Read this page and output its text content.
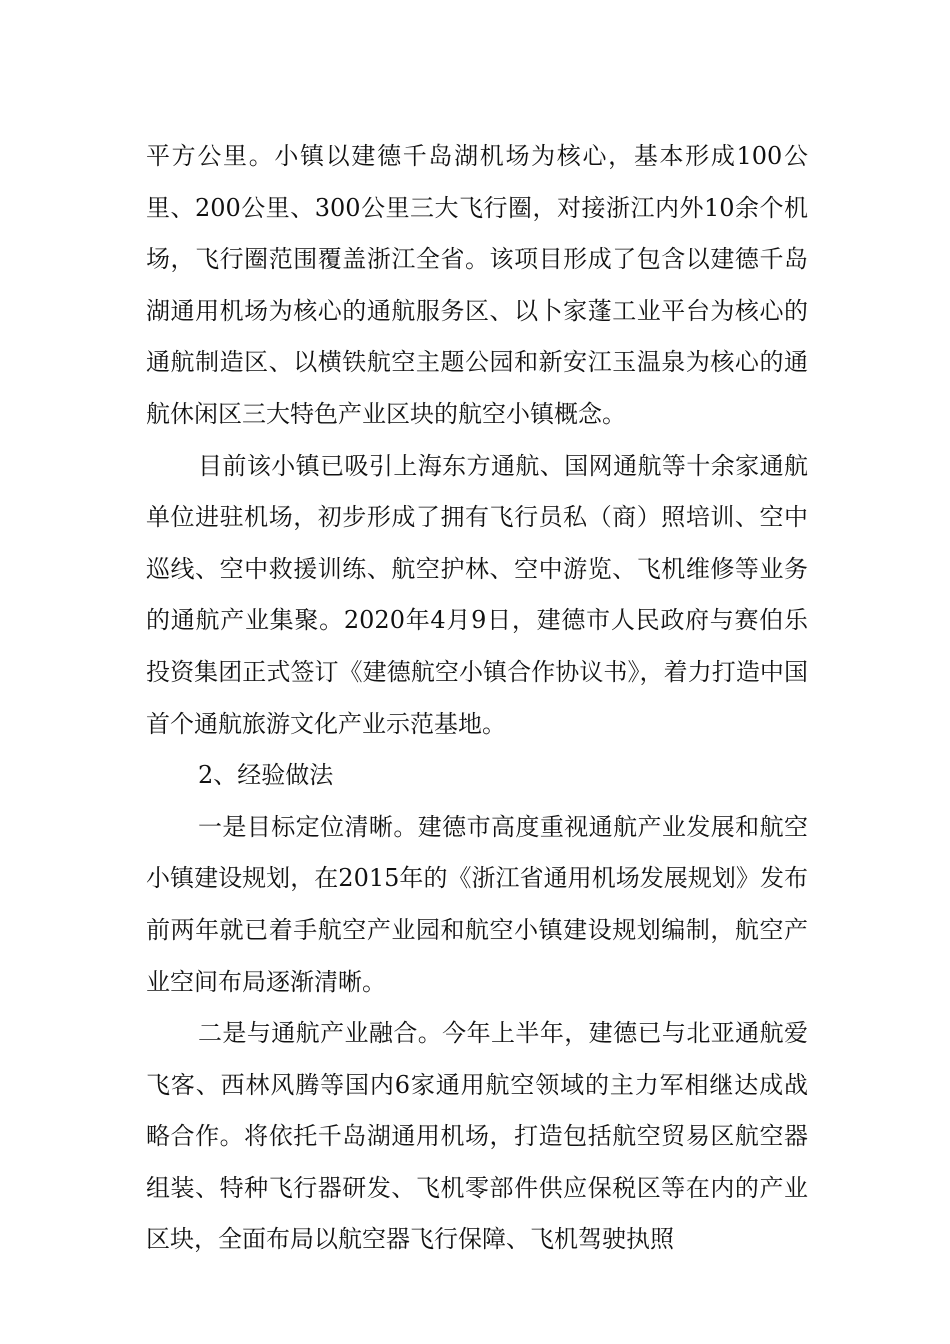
平方公里。小镇以建德千岛湖机场为核心，基本形成100公里、200公里、300公里三大飞行圈，对接浙江内外10余个机场，飞行圈范围覆盖浙江全省。该项目形成了包含以建德千岛湖通用机场为核心的通航服务区、以卜家蓬工业平台为核心的通航制造区、以横铁航空主题公园和新安江玉温泉为核心的通航休闲区三大特色产业区块的航空小镇概念。

目前该小镇已吸引上海东方通航、国网通航等十余家通航单位进驻机场，初步形成了拥有飞行员私（商）照培训、空中巡线、空中救援训练、航空护林、空中游览、飞机维修等业务的通航产业集聚。2020年4月9日，建德市人民政府与赛伯乐投资集团正式签订《建德航空小镇合作协议书》，着力打造中国首个通航旅游文化产业示范基地。

2、经验做法

一是目标定位清晰。建德市高度重视通航产业发展和航空小镇建设规划，在2015年的《浙江省通用机场发展规划》发布前两年就已着手航空产业园和航空小镇建设规划编制，航空产业空间布局逐渐清晰。

二是与通航产业融合。今年上半年，建德已与北亚通航爱飞客、西林风腾等国内6家通用航空领域的主力军相继达成战略合作。将依托千岛湖通用机场，打造包括航空贸易区航空器组装、特种飞行器研发、飞机零部件供应保税区等在内的产业区块，全面布局以航空器飞行保障、飞机驾驶执照
